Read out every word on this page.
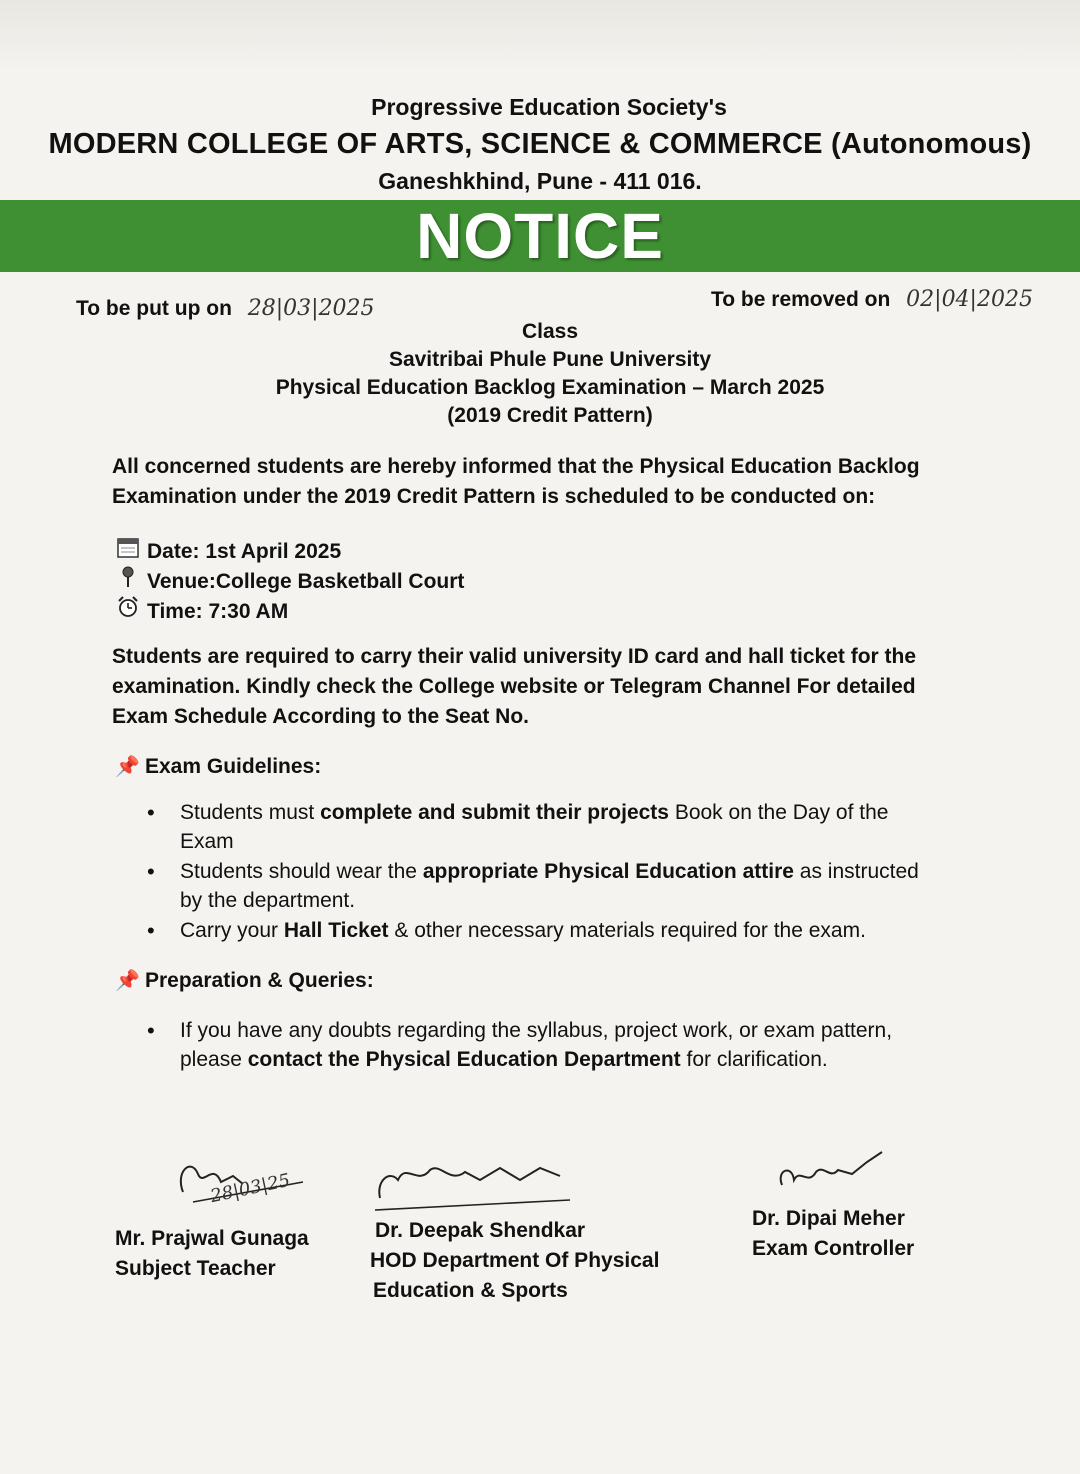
Progressive Education Society's
MODERN COLLEGE OF ARTS, SCIENCE & COMMERCE (Autonomous)
Ganeshkhind, Pune - 411 016.
NOTICE
To be put up on 28|03|2025	To be removed on 02|04|2025
Class
Savitribai Phule Pune University
Physical Education Backlog Examination – March 2025
(2019 Credit Pattern)
All concerned students are hereby informed that the Physical Education Backlog Examination under the 2019 Credit Pattern is scheduled to be conducted on:
Date: 1st April 2025
Venue:College Basketball Court
Time: 7:30 AM
Students are required to carry their valid university ID card and hall ticket for the examination. Kindly check the College website or Telegram Channel For detailed Exam Schedule According to the Seat No.
📌 Exam Guidelines:
• Students must complete and submit their projects Book on the Day of the Exam
• Students should wear the appropriate Physical Education attire as instructed by the department.
• Carry your Hall Ticket & other necessary materials required for the exam.
📌 Preparation & Queries:
• If you have any doubts regarding the syllabus, project work, or exam pattern, please contact the Physical Education Department for clarification.
28|03|25
Mr. Prajwal Gunaga
Subject Teacher
Dr. Deepak Shendkar
HOD Department Of Physical
Education & Sports
Dr. Dipai Meher
Exam Controller
